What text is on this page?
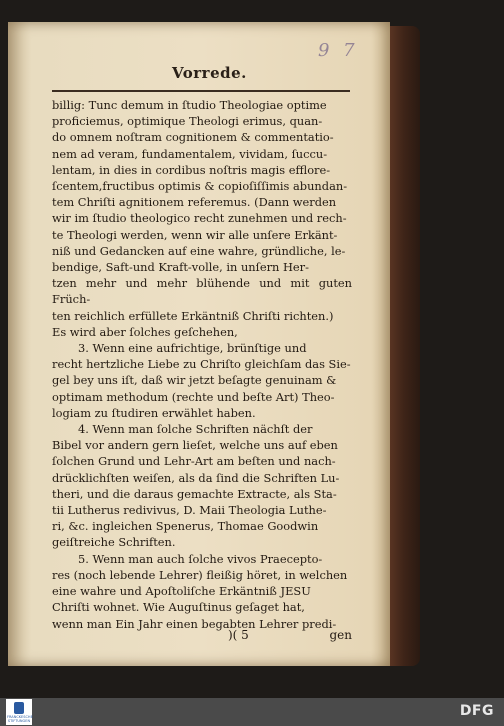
9 7
Vorrede.

billig: Tunc demum in ſtudio Theologiae optime

proficiemus, optimique Theologi erimus, quan-

do omnem noſtram cognitionem & commentatio-

nem ad veram, fundamentalem, vividam, ſuccu-

lentam, in dies in cordibus noſtris magis efflore-

ſcentem,fructibus optimis & copioſiſſimis abundan-

tem Chriſti agnitionem referemus. (Dann werden

wir im ſtudio theologico recht zunehmen und rech-

te Theologi werden, wenn wir alle unſere Erkänt-

niß und Gedancken auf eine wahre, gründliche, le-

bendige, Saft-und Kraft-volle, in unſern Her-

tzen mehr und mehr blühende und mit guten Früch-

ten reichlich erfüllete Erkäntniß Chriſti richten.)

Es wird aber ſolches geſchehen,

3. Wenn eine aufrichtige, brünſtige und

recht hertzliche Liebe zu Chriſto gleichſam das Sie-

gel bey uns iſt, daß wir jetzt beſagte genuinam &

optimam methodum (rechte und beſte Art) Theo-

logiam zu ſtudiren erwählet haben.

4. Wenn man ſolche Schriften nächſt der

Bibel vor andern gern lieſet, welche uns auf eben

ſolchen Grund und Lehr-Art am beſten und nach-

drücklichſten weiſen, als da ſind die Schriften Lu-

theri, und die daraus gemachte Extracte, als Sta-

tii Lutherus redivivus, D. Maii Theologia Luthe-

ri, &c. ingleichen Spenerus, Thomae Goodwin

geiſtreiche Schriften.

5. Wenn man auch ſolche vivos Praecepto-

res (noch lebende Lehrer) fleißig höret, in welchen

eine wahre und Apoſtoliſche Erkäntniß JESU

Chriſti wohnet. Wie Auguſtinus geſaget hat,

wenn man Ein Jahr einen begabten Lehrer predi-

)( 5	gen
FRANCKESCHE STIFTUNGEN
DFG
